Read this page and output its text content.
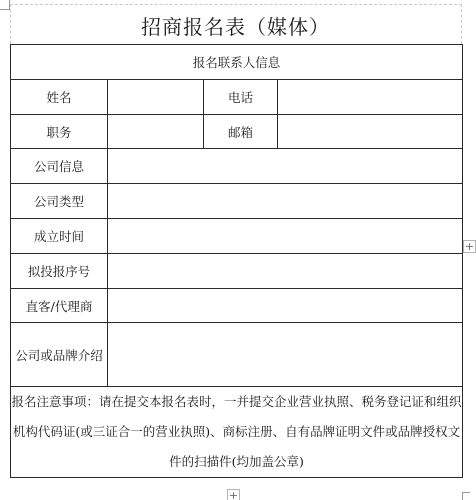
招商报名表（媒体）
报名联系人信息			
姓名		电话	
职务		邮箱	
公司信息			
公司类型			
成立时间			
拟投报序号			
直客/代理商			
公司或品牌介绍			
报名注意事项：请在提交本报名表时，一并提交企业营业执照、税务登记证和组织机构代码证(或三证合一的营业执照)、商标注册、自有品牌证明文件或品牌授权文件的扫描件(均加盖公章)			
+
+
